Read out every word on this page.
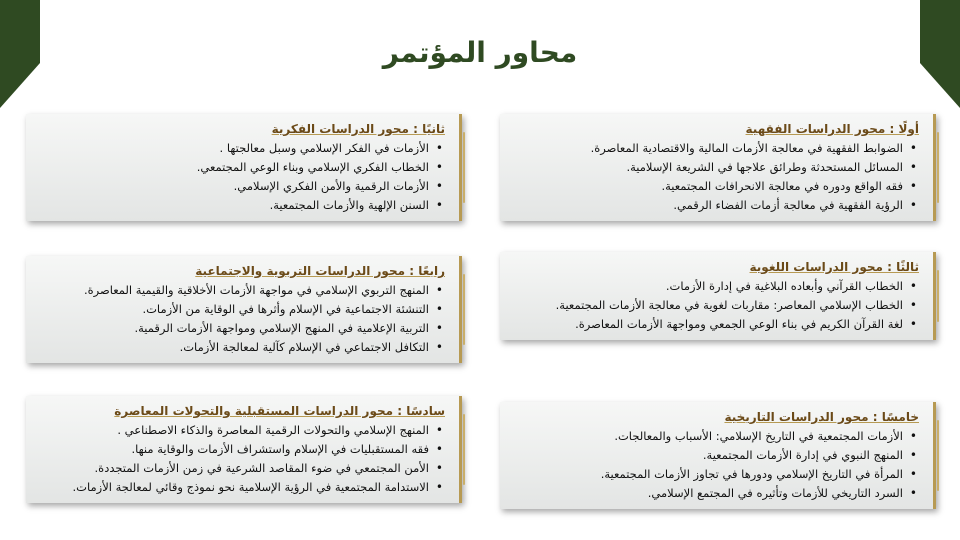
محاور المؤتمر
أولًا : محور الدراسات الفقهية
• الضوابط الفقهية في معالجة الأزمات المالية والاقتصادية المعاصرة.
• المسائل المستحدثة وطرائق علاجها في الشريعة الإسلامية.
• فقه الواقع ودوره في معالجة الانحرافات المجتمعية.
• الرؤية الفقهية في معالجة أزمات الفضاء الرقمي.
ثانيًا : محور الدراسات الفكرية
• الأزمات في الفكر الإسلامي وسبل معالجتها .
• الخطاب الفكري الإسلامي وبناء الوعي المجتمعي.
• الأزمات الرقمية والأمن الفكري الإسلامي.
• السنن الإلهية والأزمات المجتمعية.
ثالثًا : محور الدراسات اللغوية
• الخطاب القرآني وأبعاده البلاغية في إدارة الأزمات.
• الخطاب الإسلامي المعاصر: مقاربات لغوية في معالجة الأزمات المجتمعية.
• لغة القرآن الكريم في بناء الوعي الجمعي ومواجهة الأزمات المعاصرة.
رابعًا : محور الدراسات التربوية والاجتماعية
• المنهج التربوي الإسلامي في مواجهة الأزمات الأخلاقية والقيمية المعاصرة.
• التنشئة الاجتماعية في الإسلام وأثرها في الوقاية من الأزمات.
• التربية الإعلامية في المنهج الإسلامي ومواجهة الأزمات الرقمية.
• التكافل الاجتماعي في الإسلام كآلية لمعالجة الأزمات.
خامسًا : محور الدراسات التاريخية
• الأزمات المجتمعية في التاريخ الإسلامي: الأسباب والمعالجات.
• المنهج النبوي في إدارة الأزمات المجتمعية.
• المرأة في التاريخ الإسلامي ودورها في تجاوز الأزمات المجتمعية.
• السرد التاريخي للأزمات وتأثيره في المجتمع الإسلامي.
سادسًا : محور الدراسات المستقبلية والتحولات المعاصرة
• المنهج الإسلامي والتحولات الرقمية المعاصرة والذكاء الاصطناعي .
• فقه المستقبليات في الإسلام واستشراف الأزمات والوقاية منها.
• الأمن المجتمعي في ضوء المقاصد الشرعية في زمن الأزمات المتجددة.
• الاستدامة المجتمعية في الرؤية الإسلامية نحو نموذج وقائي لمعالجة الأزمات.
